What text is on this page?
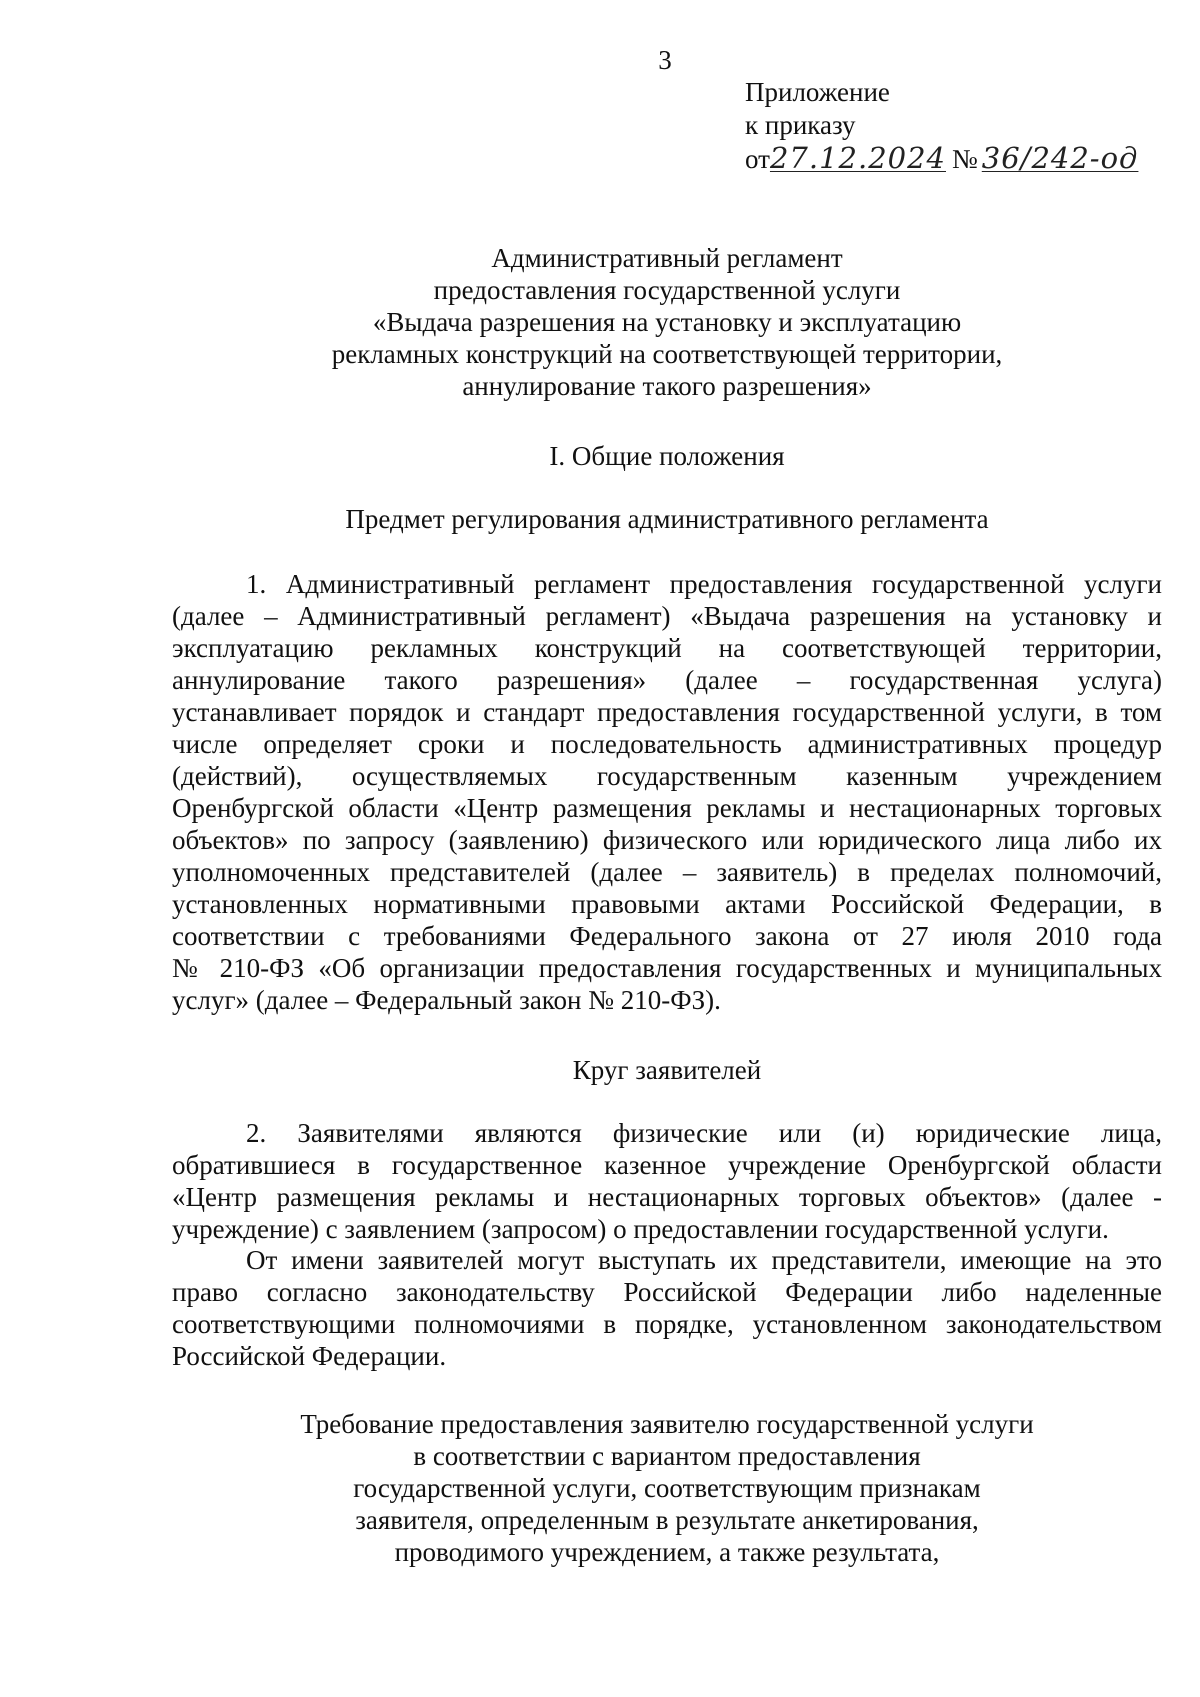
3
Приложение
к приказу
от27.12.2024 № 36/242-од
Административный регламент
предоставления государственной услуги
«Выдача разрешения на установку и эксплуатацию
рекламных конструкций на соответствующей территории,
аннулирование такого разрешения»
I. Общие положения
Предмет регулирования административного регламента
1. Административный регламент предоставления государственной услуги
(далее – Административный регламент) «Выдача разрешения на установку и
эксплуатацию рекламных конструкций на соответствующей территории,
аннулирование такого разрешения» (далее – государственная услуга)
устанавливает порядок и стандарт предоставления государственной услуги, в том
числе определяет сроки и последовательность административных процедур
(действий), осуществляемых государственным казенным учреждением
Оренбургской области «Центр размещения рекламы и нестационарных торговых
объектов» по запросу (заявлению) физического или юридического лица либо их
уполномоченных представителей (далее – заявитель) в пределах полномочий,
установленных нормативными правовыми актами Российской Федерации, в
соответствии с требованиями Федерального закона от 27 июля 2010 года
№ 210-ФЗ «Об организации предоставления государственных и муниципальных
услуг» (далее – Федеральный закон № 210-ФЗ).
Круг заявителей
2. Заявителями являются физические или (и) юридические лица,
обратившиеся в государственное казенное учреждение Оренбургской области
«Центр размещения рекламы и нестационарных торговых объектов» (далее -
учреждение) с заявлением (запросом) о предоставлении государственной услуги.
От имени заявителей могут выступать их представители, имеющие на это
право согласно законодательству Российской Федерации либо наделенные
соответствующими полномочиями в порядке, установленном законодательством
Российской Федерации.
Требование предоставления заявителю государственной услуги
в соответствии с вариантом предоставления
государственной услуги, соответствующим признакам
заявителя, определенным в результате анкетирования,
проводимого учреждением, а также результата,
